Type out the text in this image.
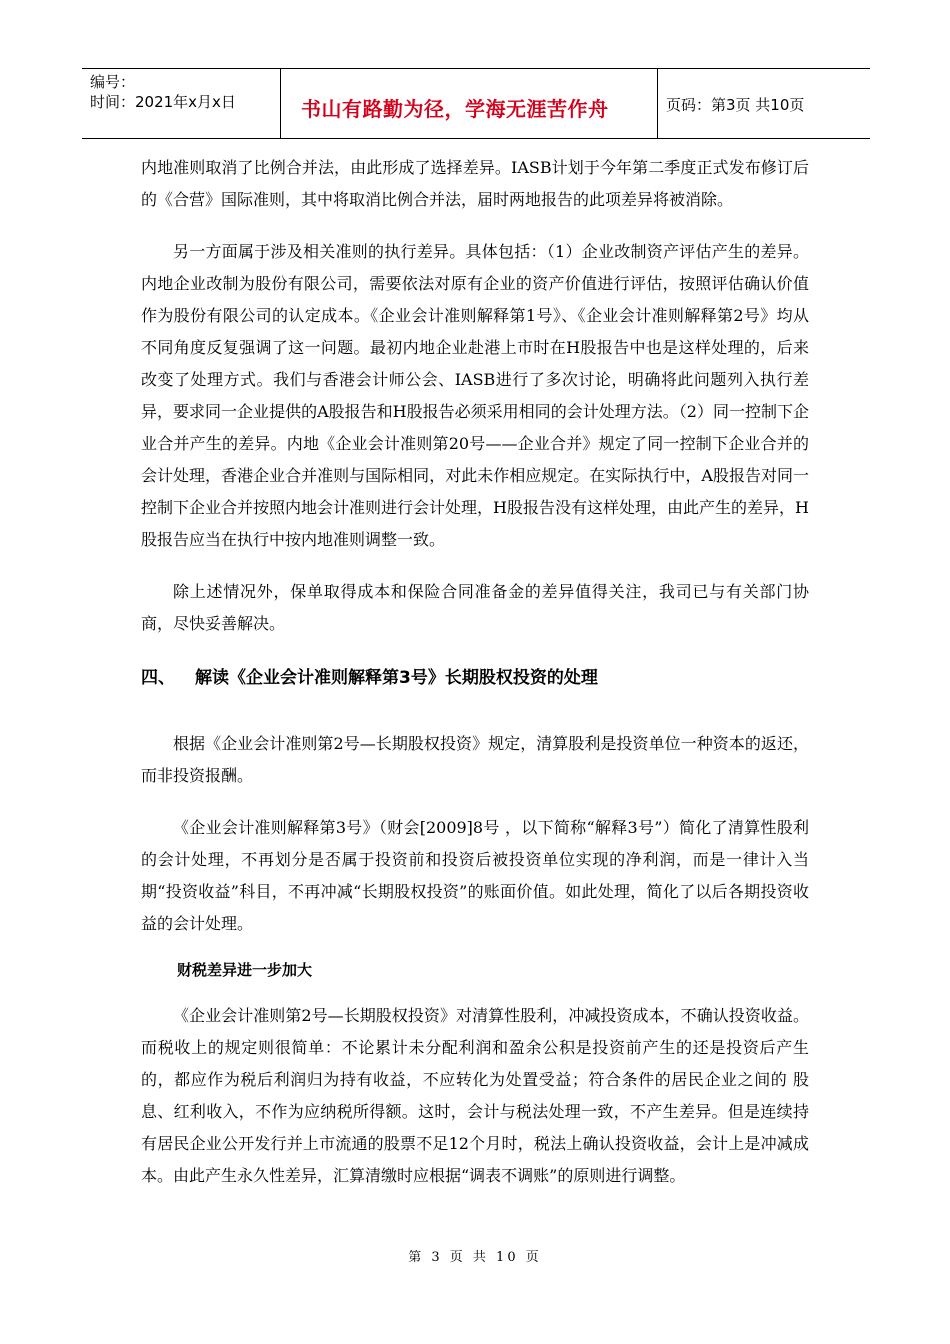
编号：
时间：2021年x月x日	书山有路勤为径，学海无涯苦作舟	页码：第3页 共10页

内地准则取消了比例合并法，由此形成了选择差异。IASB计划于今年第二季度正式发布修订后的《合营》国际准则，其中将取消比例合并法，届时两地报告的此项差异将被消除。

另一方面属于涉及相关准则的执行差异。具体包括：（1）企业改制资产评估产生的差异。内地企业改制为股份有限公司，需要依法对原有企业的资产价值进行评估，按照评估确认价值作为股份有限公司的认定成本。《企业会计准则解释第1号》、《企业会计准则解释第2号》均从不同角度反复强调了这一问题。最初内地企业赴港上市时在H股报告中也是这样处理的，后来改变了处理方式。我们与香港会计师公会、IASB进行了多次讨论，明确将此问题列入执行差异，要求同一企业提供的A股报告和H股报告必须采用相同的会计处理方法。（2）同一控制下企业合并产生的差异。内地《企业会计准则第20号——企业合并》规定了同一控制下企业合并的会计处理，香港企业合并准则与国际相同，对此未作相应规定。在实际执行中，A股报告对同一控制下企业合并按照内地会计准则进行会计处理，H股报告没有这样处理，由此产生的差异，H股报告应当在执行中按内地准则调整一致。

除上述情况外，保单取得成本和保险合同准备金的差异值得关注，我司已与有关部门协商，尽快妥善解决。

四、 解读《企业会计准则解释第3号》长期股权投资的处理

根据《企业会计准则第2号—长期股权投资》规定，清算股利是投资单位一种资本的返还，而非投资报酬。

《企业会计准则解释第3号》（财会[2009]8号 ，以下简称“解释3号”）简化了清算性股利的会计处理，不再划分是否属于投资前和投资后被投资单位实现的净利润，而是一律计入当期“投资收益”科目，不再冲减“长期股权投资”的账面价值。如此处理，简化了以后各期投资收益的会计处理。

财税差异进一步加大

《企业会计准则第2号—长期股权投资》对清算性股利，冲减投资成本，不确认投资收益。而税收上的规定则很简单：不论累计未分配利润和盈余公积是投资前产生的还是投资后产生的，都应作为税后利润归为持有收益，不应转化为处置受益；符合条件的居民企业之间的 股息、红利收入，不作为应纳税所得额。这时，会计与税法处理一致，不产生差异。但是连续持有居民企业公开发行并上市流通的股票不足12个月时，税法上确认投资收益，会计上是冲减成本。由此产生永久性差异，汇算清缴时应根据“调表不调账”的原则进行调整。

第 3 页 共 10 页
